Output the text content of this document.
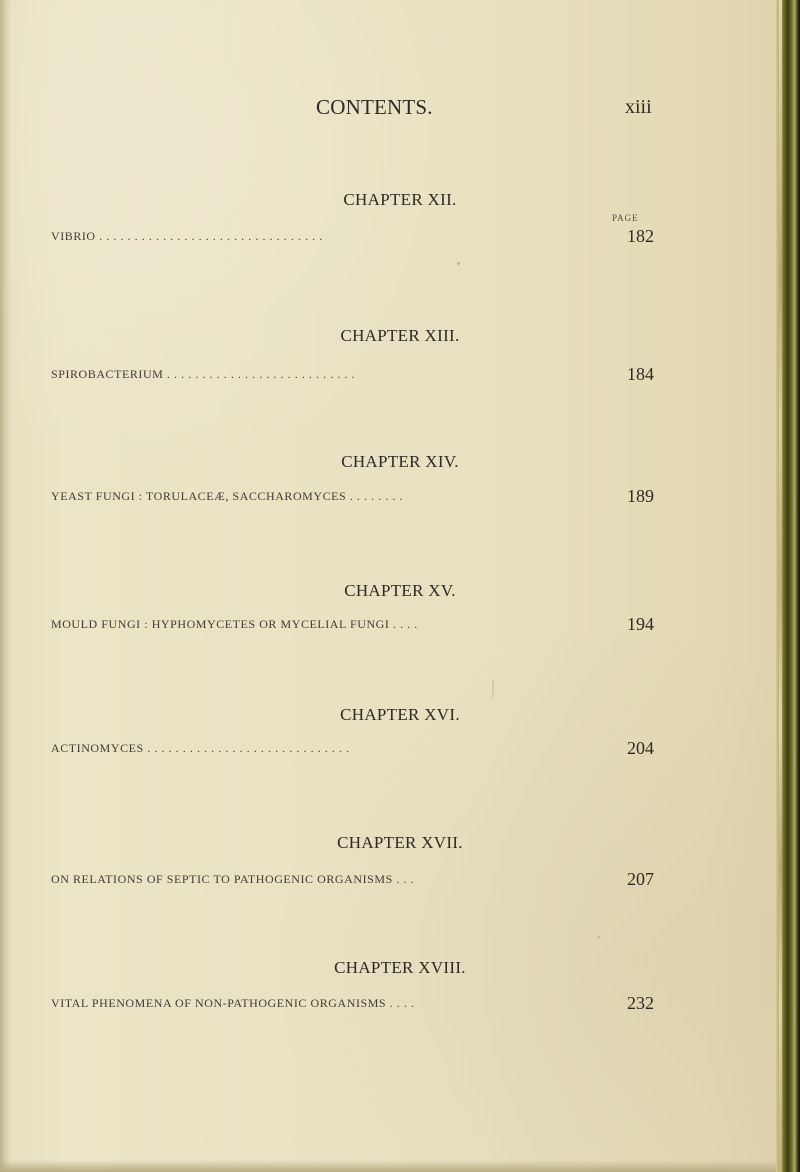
CONTENTS.	xiii
PAGE
CHAPTER XII.
VIBRIO . . . . . . . . . . . . . . . . . . . . . . . . . . . . . . . .	182
CHAPTER XIII.
SPIROBACTERIUM . . . . . . . . . . . . . . . . . . . . . . . . . . .	184
CHAPTER XIV.
YEAST FUNGI : TORULACEÆ, SACCHAROMYCES . . . . . . . .	189
CHAPTER XV.
MOULD FUNGI : HYPHOMYCETES OR MYCELIAL FUNGI . . . .	194
CHAPTER XVI.
ACTINOMYCES . . . . . . . . . . . . . . . . . . . . . . . . . . . . .	204
CHAPTER XVII.
ON RELATIONS OF SEPTIC TO PATHOGENIC ORGANISMS . . .	207
CHAPTER XVIII.
VITAL PHENOMENA OF NON-PATHOGENIC ORGANISMS . . . .	232
